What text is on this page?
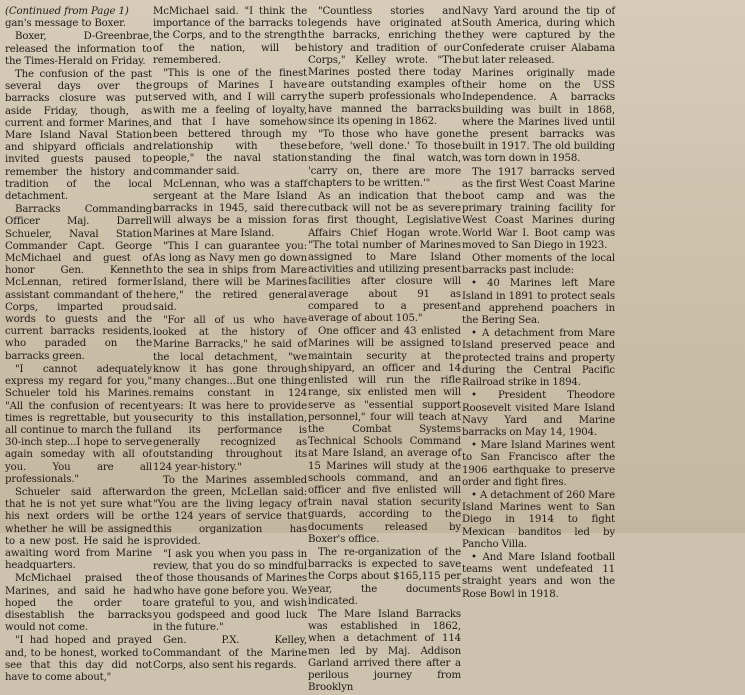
(Continued from Page 1)

gan's message to Boxer.

Boxer, D-Greenbrae, released the information to the Times-Herald on Friday.

The confusion of the past several days over the barracks closure was put aside Friday, though, as current and former Marines, Mare Island Naval Station and shipyard officials and invited guests paused to remember the history and tradition of the local detachment.

Barracks Commanding Officer Maj. Darrell Schueler, Naval Station Commander Capt. George McMichael and guest of honor Gen. Kenneth McLennan, retired former assistant commandant of the Corps, imparted proud words to guests and the current barracks residents, who paraded on the barracks green.

"I cannot adequately express my regard for you," Schueler told his Marines. "All the confusion of recent times is regrettable, but you all continue to march the full 30-inch step...I hope to serve again someday with all of you. You are all professionals."

Schueler said afterward that he is not yet sure what his next orders will be or whether he will be assigned to a new post. He said he is awaiting word from Marine headquarters.

McMichael praised the Marines, and said he had hoped the order to disestablish the barracks would not come.

"I had hoped and prayed and, to be honest, worked to see that this day did not have to come about,"

McMichael said. "I think the importance of the barracks to the Corps, and to the strength of the nation, will be remembered.

"This is one of the finest groups of Marines I have served with, and I will carry with me a feeling of loyalty, and that I have somehow been bettered through my relationship with these people," the naval station commander said.

McLennan, who was a staff sergeant at the Mare Island barracks in 1945, said there will always be a mission for Marines at Mare Island.

"This I can guarantee you: As long as Navy men go down to the sea in ships from Mare Island, there will be Marines here," the retired general said.

"For all of us who have looked at the history of Marine Barracks," he said of the local detachment, "we know it has gone through many changes...But one thing remains constant in 124 years: It was here to provide security to this installation, and its performance is generally recognized as outstanding throughout its 124 year-history."

To the Marines assembled on the green, McLellan said: "You are the living legacy of the 124 years of service that this organization has provided.

"I ask you when you pass in review, that you do so mindful of those thousands of Marines who have gone before you. We are grateful to you, and wish you godspeed and good luck in the future."

Gen. P.X. Kelley, Commandant of the Marine Corps, also sent his regards.

"Countless stories and legends have originated at the barracks, enriching the history and tradition of our Corps," Kelley wrote. "The Marines posted there today are outstanding examples of the superb professionals who have manned the barracks since its opening in 1862.

"To those who have gone before, 'well done.' To those standing the final watch, 'carry on, there are more chapters to be written.'"

As an indication that the cutback will not be as severe as first thought, Legislative Affairs Chief Hogan wrote. "The total number of Marines assigned to Mare Island activities and utilizing present facilities after closure will average about 91 as compared to a present average of about 105."

One officer and 43 enlisted Marines will be assigned to maintain security at the shipyard, an officer and 14 enlisted will run the rifle range, six enlisted men will serve as "essential support personnel," four will teach at the Combat Systems Technical Schools Command at Mare Island, an average of 15 Marines will study at the schools command, and an officer and five enlisted will train naval station security guards, according to the documents released by Boxer's office.

The re-organization of the barracks is expected to save the Corps about $165,115 per year, the documents indicated.

The Mare Island Barracks was established in 1862, when a detachment of 114 men led by Maj. Addison Garland arrived there after a perilous journey from Brooklyn

Navy Yard around the tip of South America, during which they were captured by the Confederate cruiser Alabama but later released.

Marines originally made their home on the USS Independence. A barracks building was built in 1868, where the Marines lived until the present barracks was built in 1917. The old building was torn down in 1958.

The 1917 barracks served as the first West Coast Marine boot camp and was the primary training facility for West Coast Marines during World War I. Boot camp was moved to San Diego in 1923.

Other moments of the local barracks past include:

• 40 Marines left Mare Island in 1891 to protect seals and apprehend poachers in the Bering Sea.

• A detachment from Mare Island preserved peace and protected trains and property during the Central Pacific Railroad strike in 1894.

• President Theodore Roosevelt visited Mare Island Navy Yard and Marine barracks on May 14, 1904.

• Mare Island Marines went to San Francisco after the 1906 earthquake to preserve order and fight fires.

• A detachment of 260 Mare Island Marines went to San Diego in 1914 to fight Mexican banditos led by Pancho Villa.

• And Mare Island football teams went undefeated 11 straight years and won the Rose Bowl in 1918.
